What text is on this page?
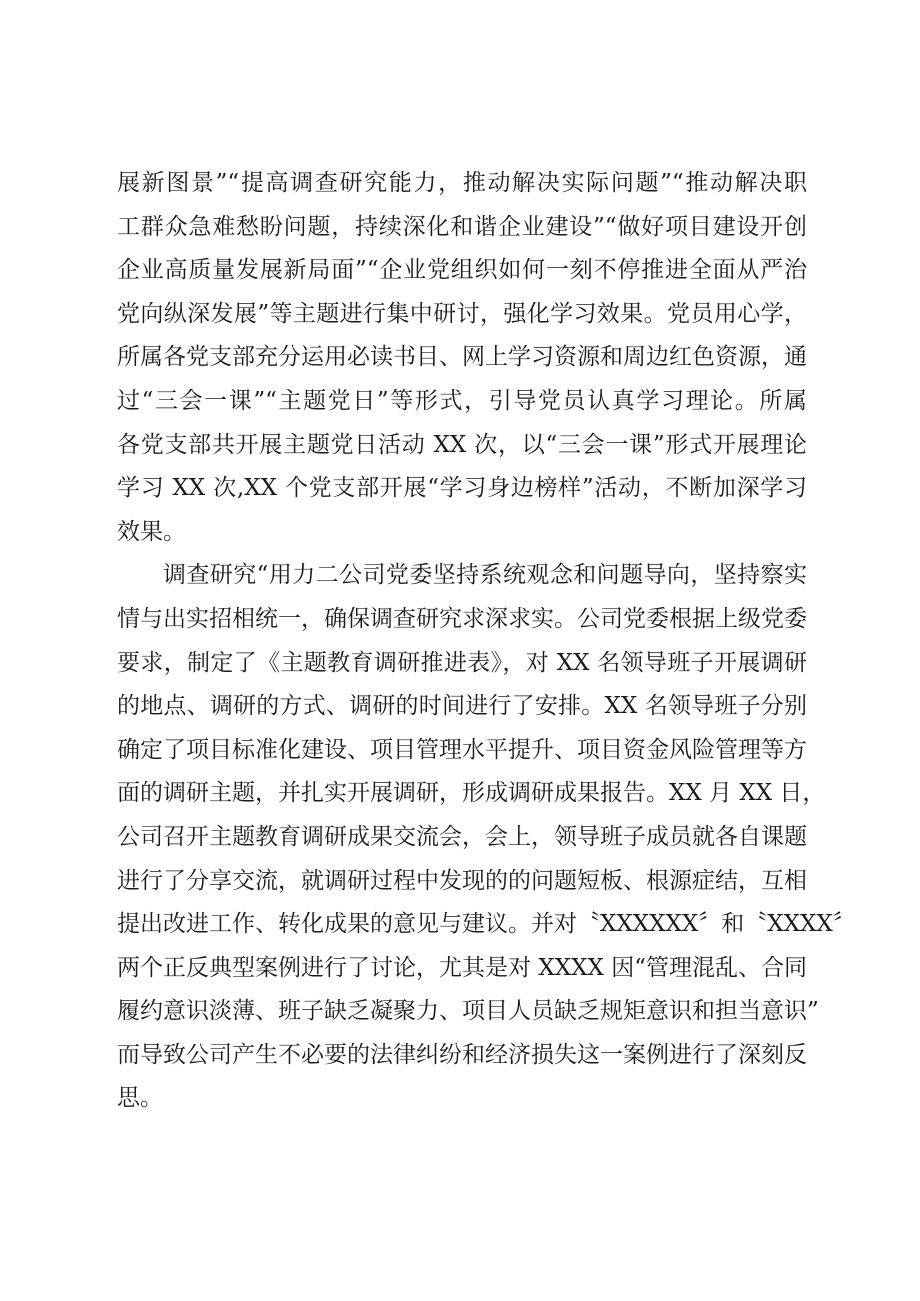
展新图景”“提高调查研究能力，推动解决实际问题”“推动解决职
工群众急难愁盼问题，持续深化和谐企业建设”“做好项目建设开创
企业高质量发展新局面”“企业党组织如何一刻不停推进全面从严治
党向纵深发展”等主题进行集中研讨，强化学习效果。党员用心学，
所属各党支部充分运用必读书目、网上学习资源和周边红色资源，通
过“三会一课”“主题党日”等形式，引导党员认真学习理论。所属
各党支部共开展主题党日活动 XX 次，以“三会一课”形式开展理论
学习 XX 次,XX 个党支部开展“学习身边榜样”活动，不断加深学习
效果。
调查研究“用力二公司党委坚持系统观念和问题导向，坚持察实
情与出实招相统一，确保调查研究求深求实。公司党委根据上级党委
要求，制定了《主题教育调研推进表》，对 XX 名领导班子开展调研
的地点、调研的方式、调研的时间进行了安排。XX 名领导班子分别
确定了项目标准化建设、项目管理水平提升、项目资金风险管理等方
面的调研主题，并扎实开展调研，形成调研成果报告。XX 月 XX 日，
公司召开主题教育调研成果交流会，会上，领导班子成员就各自课题
进行了分享交流，就调研过程中发现的的问题短板、根源症结，互相
提出改进工作、转化成果的意见与建议。并对〝XXXXXX〞和〝XXXX〞
两个正反典型案例进行了讨论，尤其是对 XXXX 因“管理混乱、合同
履约意识淡薄、班子缺乏凝聚力、项目人员缺乏规矩意识和担当意识”
而导致公司产生不必要的法律纠纷和经济损失这一案例进行了深刻反
思。
